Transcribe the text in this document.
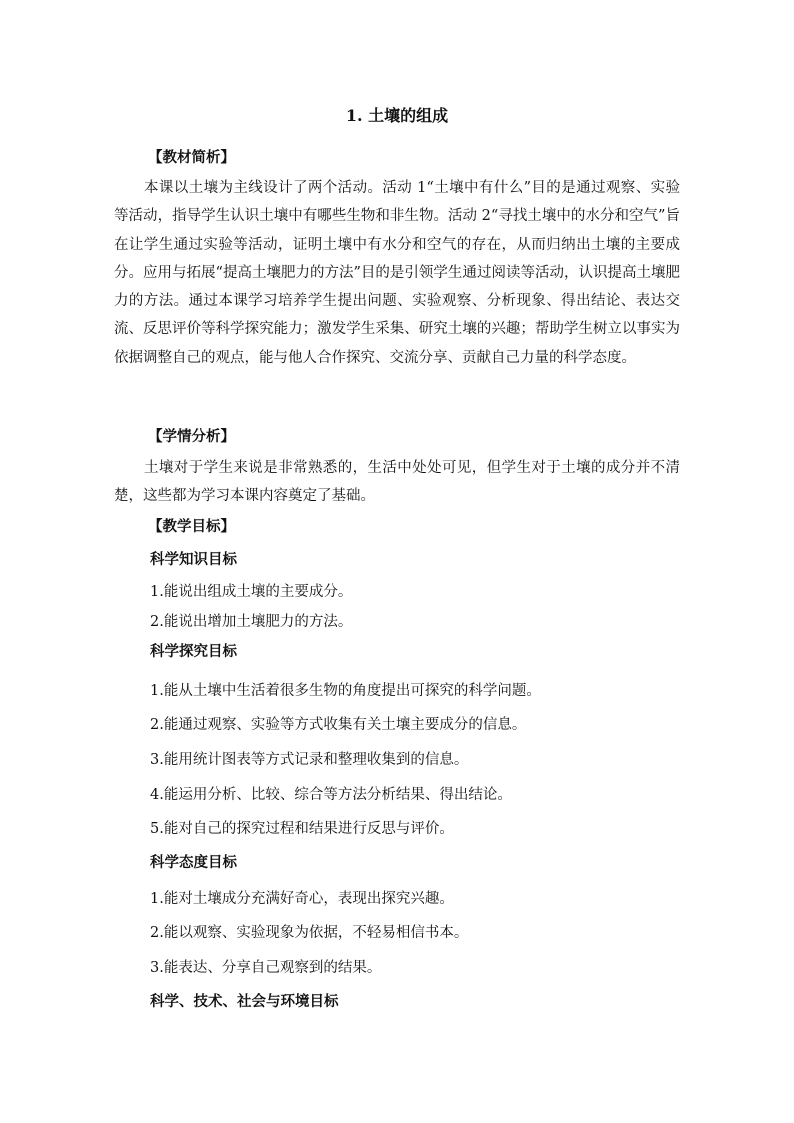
1. 土壤的组成
【教材简析】

本课以土壤为主线设计了两个活动。活动 1“土壤中有什么”目的是通过观察、实验等活动，指导学生认识土壤中有哪些生物和非生物。活动 2“寻找土壤中的水分和空气”旨在让学生通过实验等活动，证明土壤中有水分和空气的存在，从而归纳出土壤的主要成分。应用与拓展“提高土壤肥力的方法”目的是引领学生通过阅读等活动，认识提高土壤肥力的方法。通过本课学习培养学生提出问题、实验观察、分析现象、得出结论、表达交流、反思评价等科学探究能力；激发学生采集、研究土壤的兴趣；帮助学生树立以事实为依据调整自己的观点，能与他人合作探究、交流分享、贡献自己力量的科学态度。

【学情分析】

土壤对于学生来说是非常熟悉的，生活中处处可见，但学生对于土壤的成分并不清楚，这些都为学习本课内容奠定了基础。

【教学目标】
科学知识目标
1.能说出组成土壤的主要成分。
2.能说出增加土壤肥力的方法。
科学探究目标
1.能从土壤中生活着很多生物的角度提出可探究的科学问题。
2.能通过观察、实验等方式收集有关土壤主要成分的信息。
3.能用统计图表等方式记录和整理收集到的信息。
4.能运用分析、比较、综合等方法分析结果、得出结论。
5.能对自己的探究过程和结果进行反思与评价。
科学态度目标
1.能对土壤成分充满好奇心，表现出探究兴趣。
2.能以观察、实验现象为依据，不轻易相信书本。
3.能表达、分享自己观察到的结果。
科学、技术、社会与环境目标
